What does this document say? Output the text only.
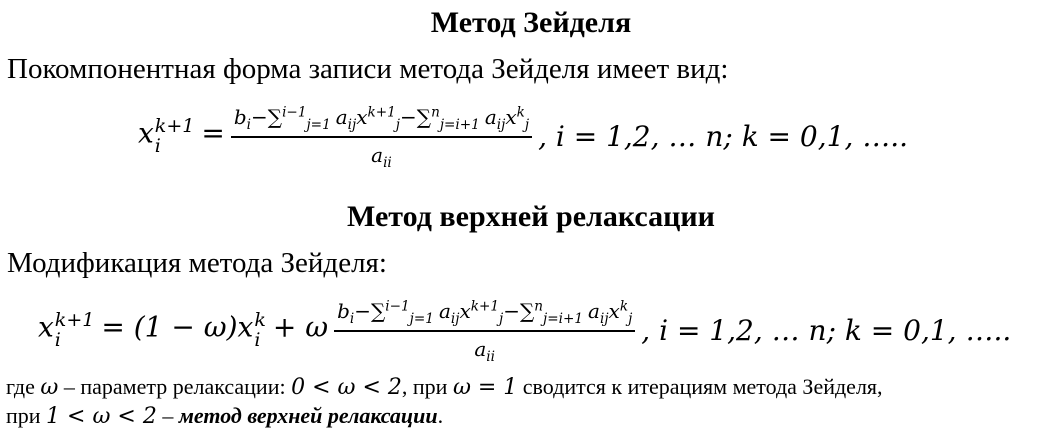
Метод Зейделя
Покомпонентная форма записи метода Зейделя имеет вид:
x k+1
i	= $\frac{b_i-\sum^{i-1}_{j=1} a_{ij}x^{k+1}_j-\sum^n_{j=i+1} a_{ij}x^k_j}{a_{ii}}$ , i = 1,2, … n; k = 0,1, …..
Метод верхней релаксации
Модификация метода Зейделя:
x k+1
i	= (1 − ω)x k
i + ω $\frac{b_i-\sum^{i-1}_{j=1} a_{ij}x^{k+1}_j-\sum^n_{j=i+1} a_{ij}x^k_j}{a_{ii}}$ , i = 1,2, … n; k = 0,1, …..
где ω – параметр релаксации: 0 < ω < 2, при ω = 1 сводится к итерациям метода Зейделя,
при 1 < ω < 2 – метод верхней релаксации.
